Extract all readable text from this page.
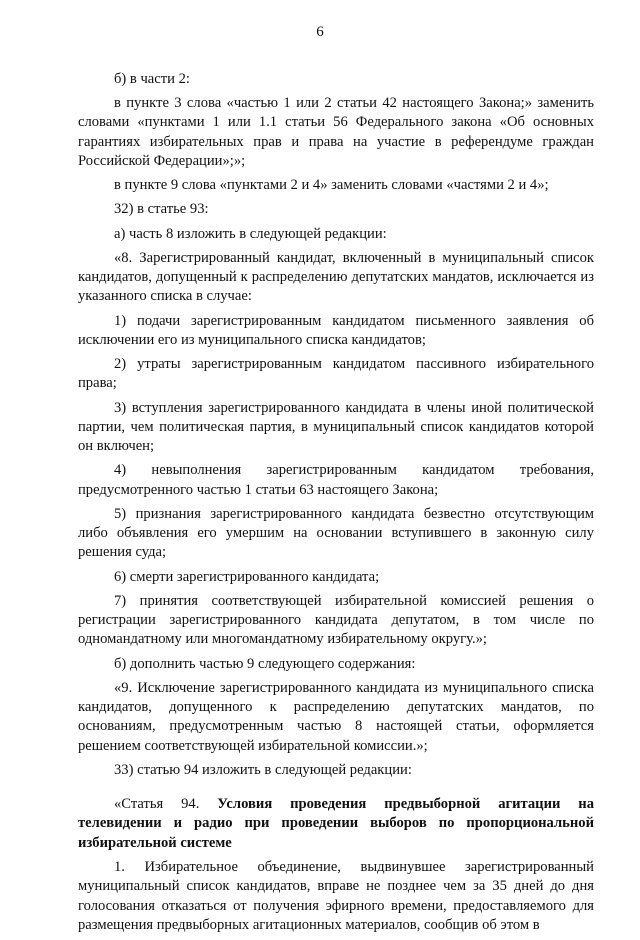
6

б) в части 2:

в пункте 3 слова «частью 1 или 2 статьи 42 настоящего Закона;» заменить словами «пунктами 1 или 1.1 статьи 56 Федерального закона «Об основных гарантиях избирательных прав и права на участие в референдуме граждан Российской Федерации»;»;

в пункте 9 слова «пунктами 2 и 4» заменить словами «частями 2 и 4»;

32) в статье 93:

а) часть 8 изложить в следующей редакции:

«8. Зарегистрированный кандидат, включенный в муниципальный список кандидатов, допущенный к распределению депутатских мандатов, исключается из указанного списка в случае:

1) подачи зарегистрированным кандидатом письменного заявления об исключении его из муниципального списка кандидатов;

2) утраты зарегистрированным кандидатом пассивного избирательного права;

3) вступления зарегистрированного кандидата в члены иной политической партии, чем политическая партия, в муниципальный список кандидатов которой он включен;

4) невыполнения зарегистрированным кандидатом требования, предусмотренного частью 1 статьи 63 настоящего Закона;

5) признания зарегистрированного кандидата безвестно отсутствующим либо объявления его умершим на основании вступившего в законную силу решения суда;

6) смерти зарегистрированного кандидата;

7) принятия соответствующей избирательной комиссией решения о регистрации зарегистрированного кандидата депутатом, в том числе по одномандатному или многомандатному избирательному округу.»;

б) дополнить частью 9 следующего содержания:

«9. Исключение зарегистрированного кандидата из муниципального списка кандидатов, допущенного к распределению депутатских мандатов, по основаниям, предусмотренным частью 8 настоящей статьи, оформляется решением соответствующей избирательной комиссии.»;

33) статью 94 изложить в следующей редакции:

«Статья 94. Условия проведения предвыборной агитации на телевидении и радио при проведении выборов по пропорциональной избирательной системе

1. Избирательное объединение, выдвинувшее зарегистрированный муниципальный список кандидатов, вправе не позднее чем за 35 дней до дня голосования отказаться от получения эфирного времени, предоставляемого для размещения предвыборных агитационных материалов, сообщив об этом в
